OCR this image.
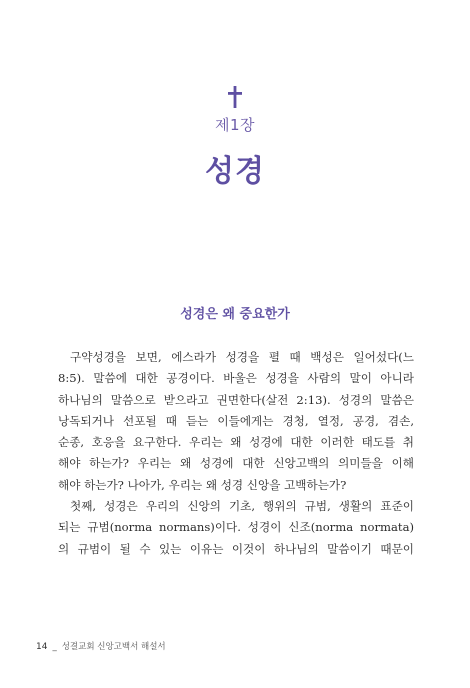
제1장
성경
성경은 왜 중요한가
구약성경을 보면, 에스라가 성경을 펼 때 백성은 일어섰다(느
8:5). 말씀에 대한 공경이다. 바울은 성경을 사람의 말이 아니라
하나님의 말씀으로 받으라고 권면한다(살전 2:13). 성경의 말씀은
낭독되거나 선포될 때 듣는 이들에게는 경청, 열정, 공경, 겸손,
순종, 호응을 요구한다. 우리는 왜 성경에 대한 이러한 태도를 취
해야 하는가? 우리는 왜 성경에 대한 신앙고백의 의미들을 이해
해야 하는가? 나아가, 우리는 왜 성경 신앙을 고백하는가?
첫째, 성경은 우리의 신앙의 기초, 행위의 규범, 생활의 표준이
되는 규범(norma normans)이다. 성경이 신조(norma normata)
의 규범이 될 수 있는 이유는 이것이 하나님의 말씀이기 때문이
14 _ 성결교회 신앙고백서 해설서
